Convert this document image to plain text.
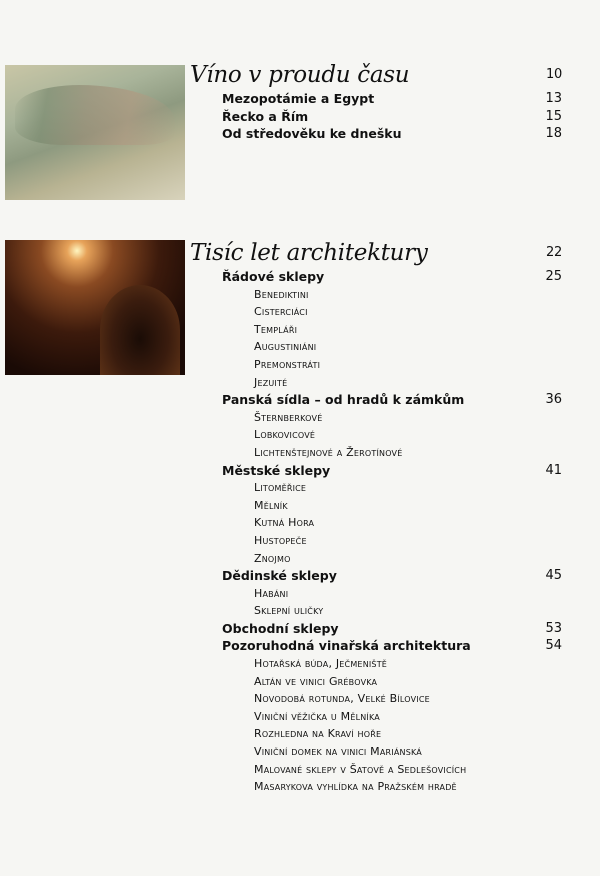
Víno v proudu času	10
Mezopotámie a Egypt	13
Řecko a Řím	15
Od středověku ke dnešku	18
Tisíc let architektury	22
Řádové sklepy	25
Benediktini
Cisterciáci
Templáři
Augustiniáni
Premonstráti
Jezuité
Panská sídla – od hradů k zámkům	36
Šternberkové
Lobkovicové
Lichtenštejnové a Žerotínové
Městské sklepy	41
Litoměřice
Mělník
Kutná Hora
Hustopeče
Znojmo
Dědinské sklepy	45
Habáni
Sklepní uličky
Obchodní sklepy	53
Pozoruhodná vinařská architektura	54
Hotařská búda, Ječmeniště
Altán ve vinici Grébovka
Novodobá rotunda, Velké Bílovice
Viniční věžička u Mělníka
Rozhledna na Kraví hoře
Viniční domek na vinici Mariánská
Malované sklepy v Šatově a Sedlešovicích
Masarykova vyhlídka na Pražském hradě
